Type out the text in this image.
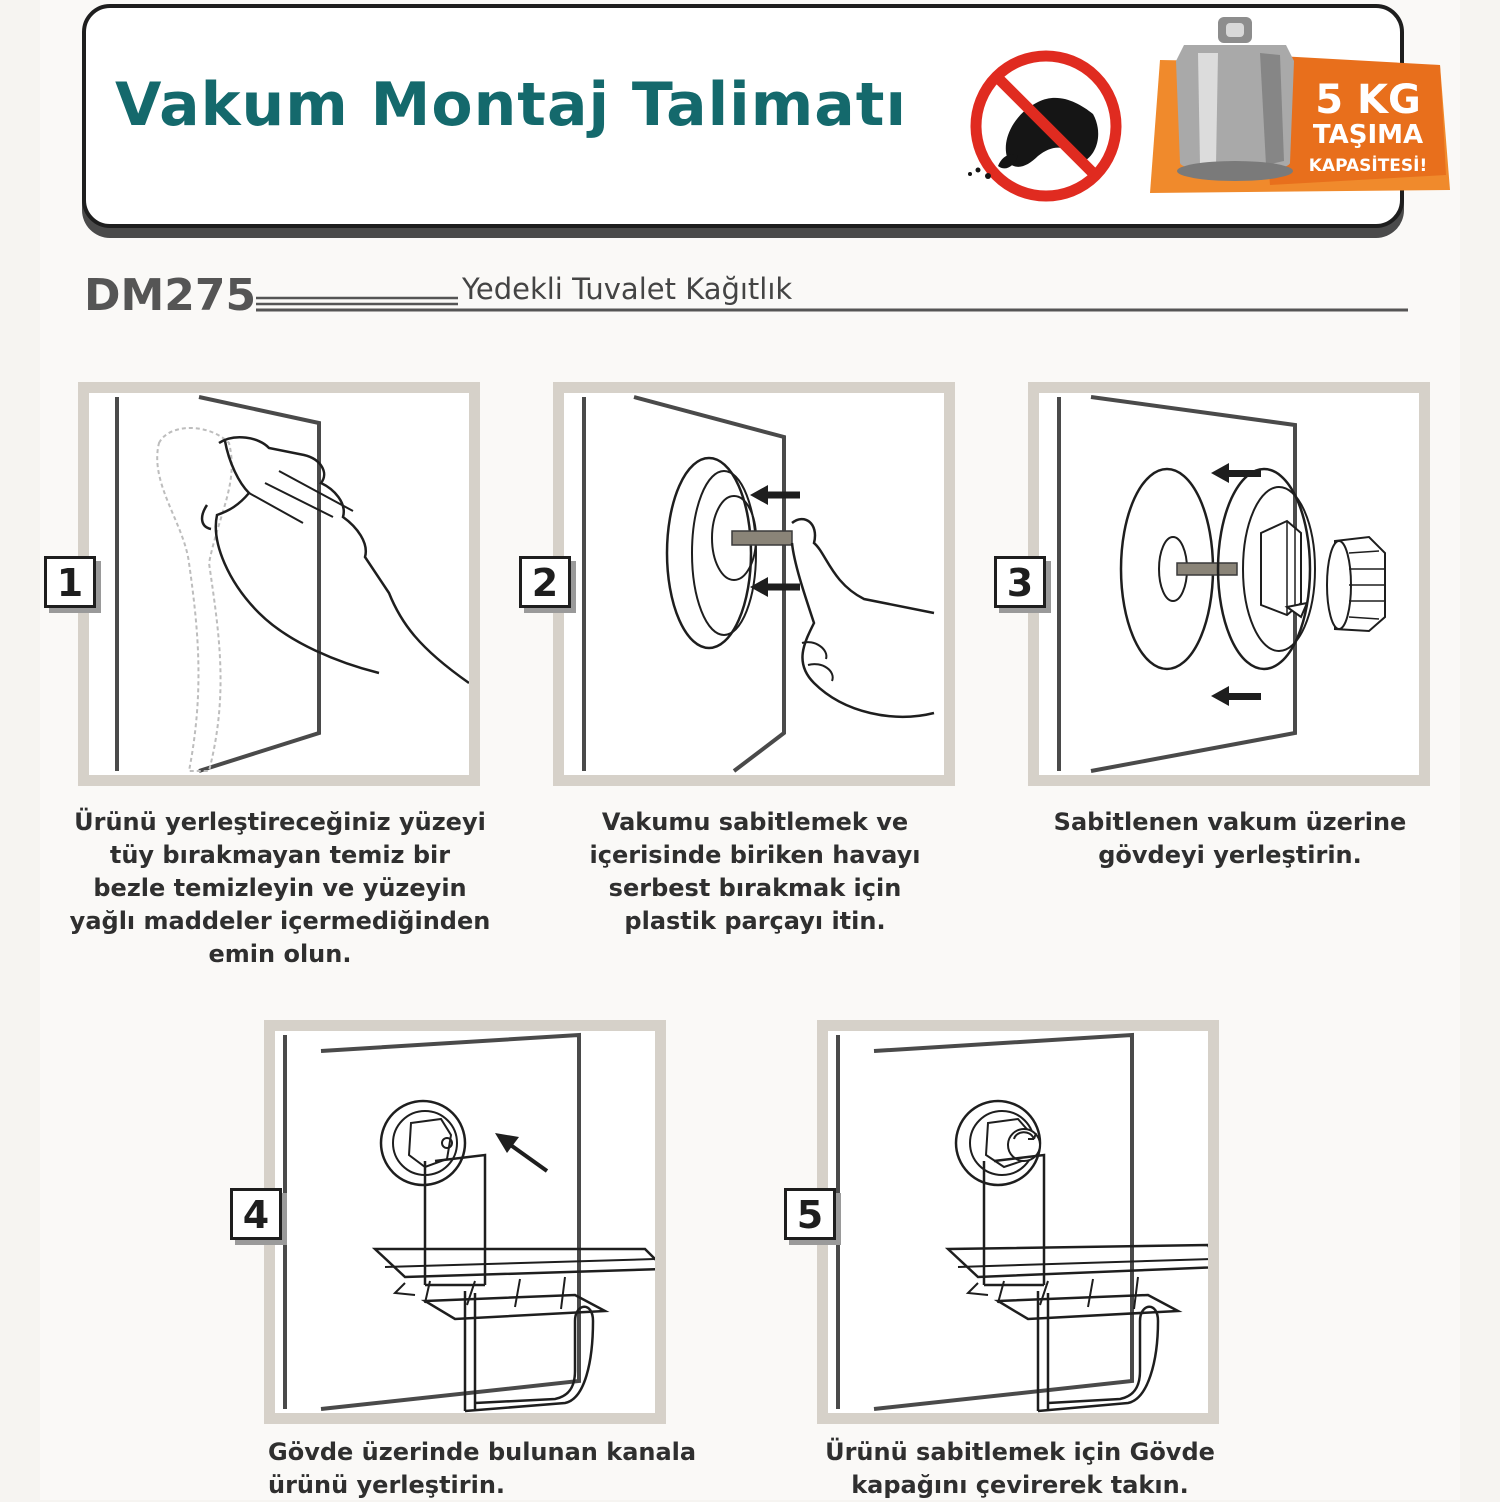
Vakum Montaj Talimatı	5 KG
TAŞIMA
KAPASİTESİ!
DM275	Yedekli Tuvalet Kağıtlık
1

Ürünü yerleştireceğiniz yüzeyi
tüy bırakmayan temiz bir
bezle temizleyin ve yüzeyin
yağlı maddeler içermediğinden
emin olun.

2

Vakumu sabitlemek ve
içerisinde biriken havayı
serbest bırakmak için
plastik parçayı itin.

3

Sabitlenen vakum üzerine
gövdeyi yerleştirin.

4

Gövde üzerinde bulunan kanala
ürünü yerleştirin.

5

Ürünü sabitlemek için Gövde
kapağını çevirerek takın.
